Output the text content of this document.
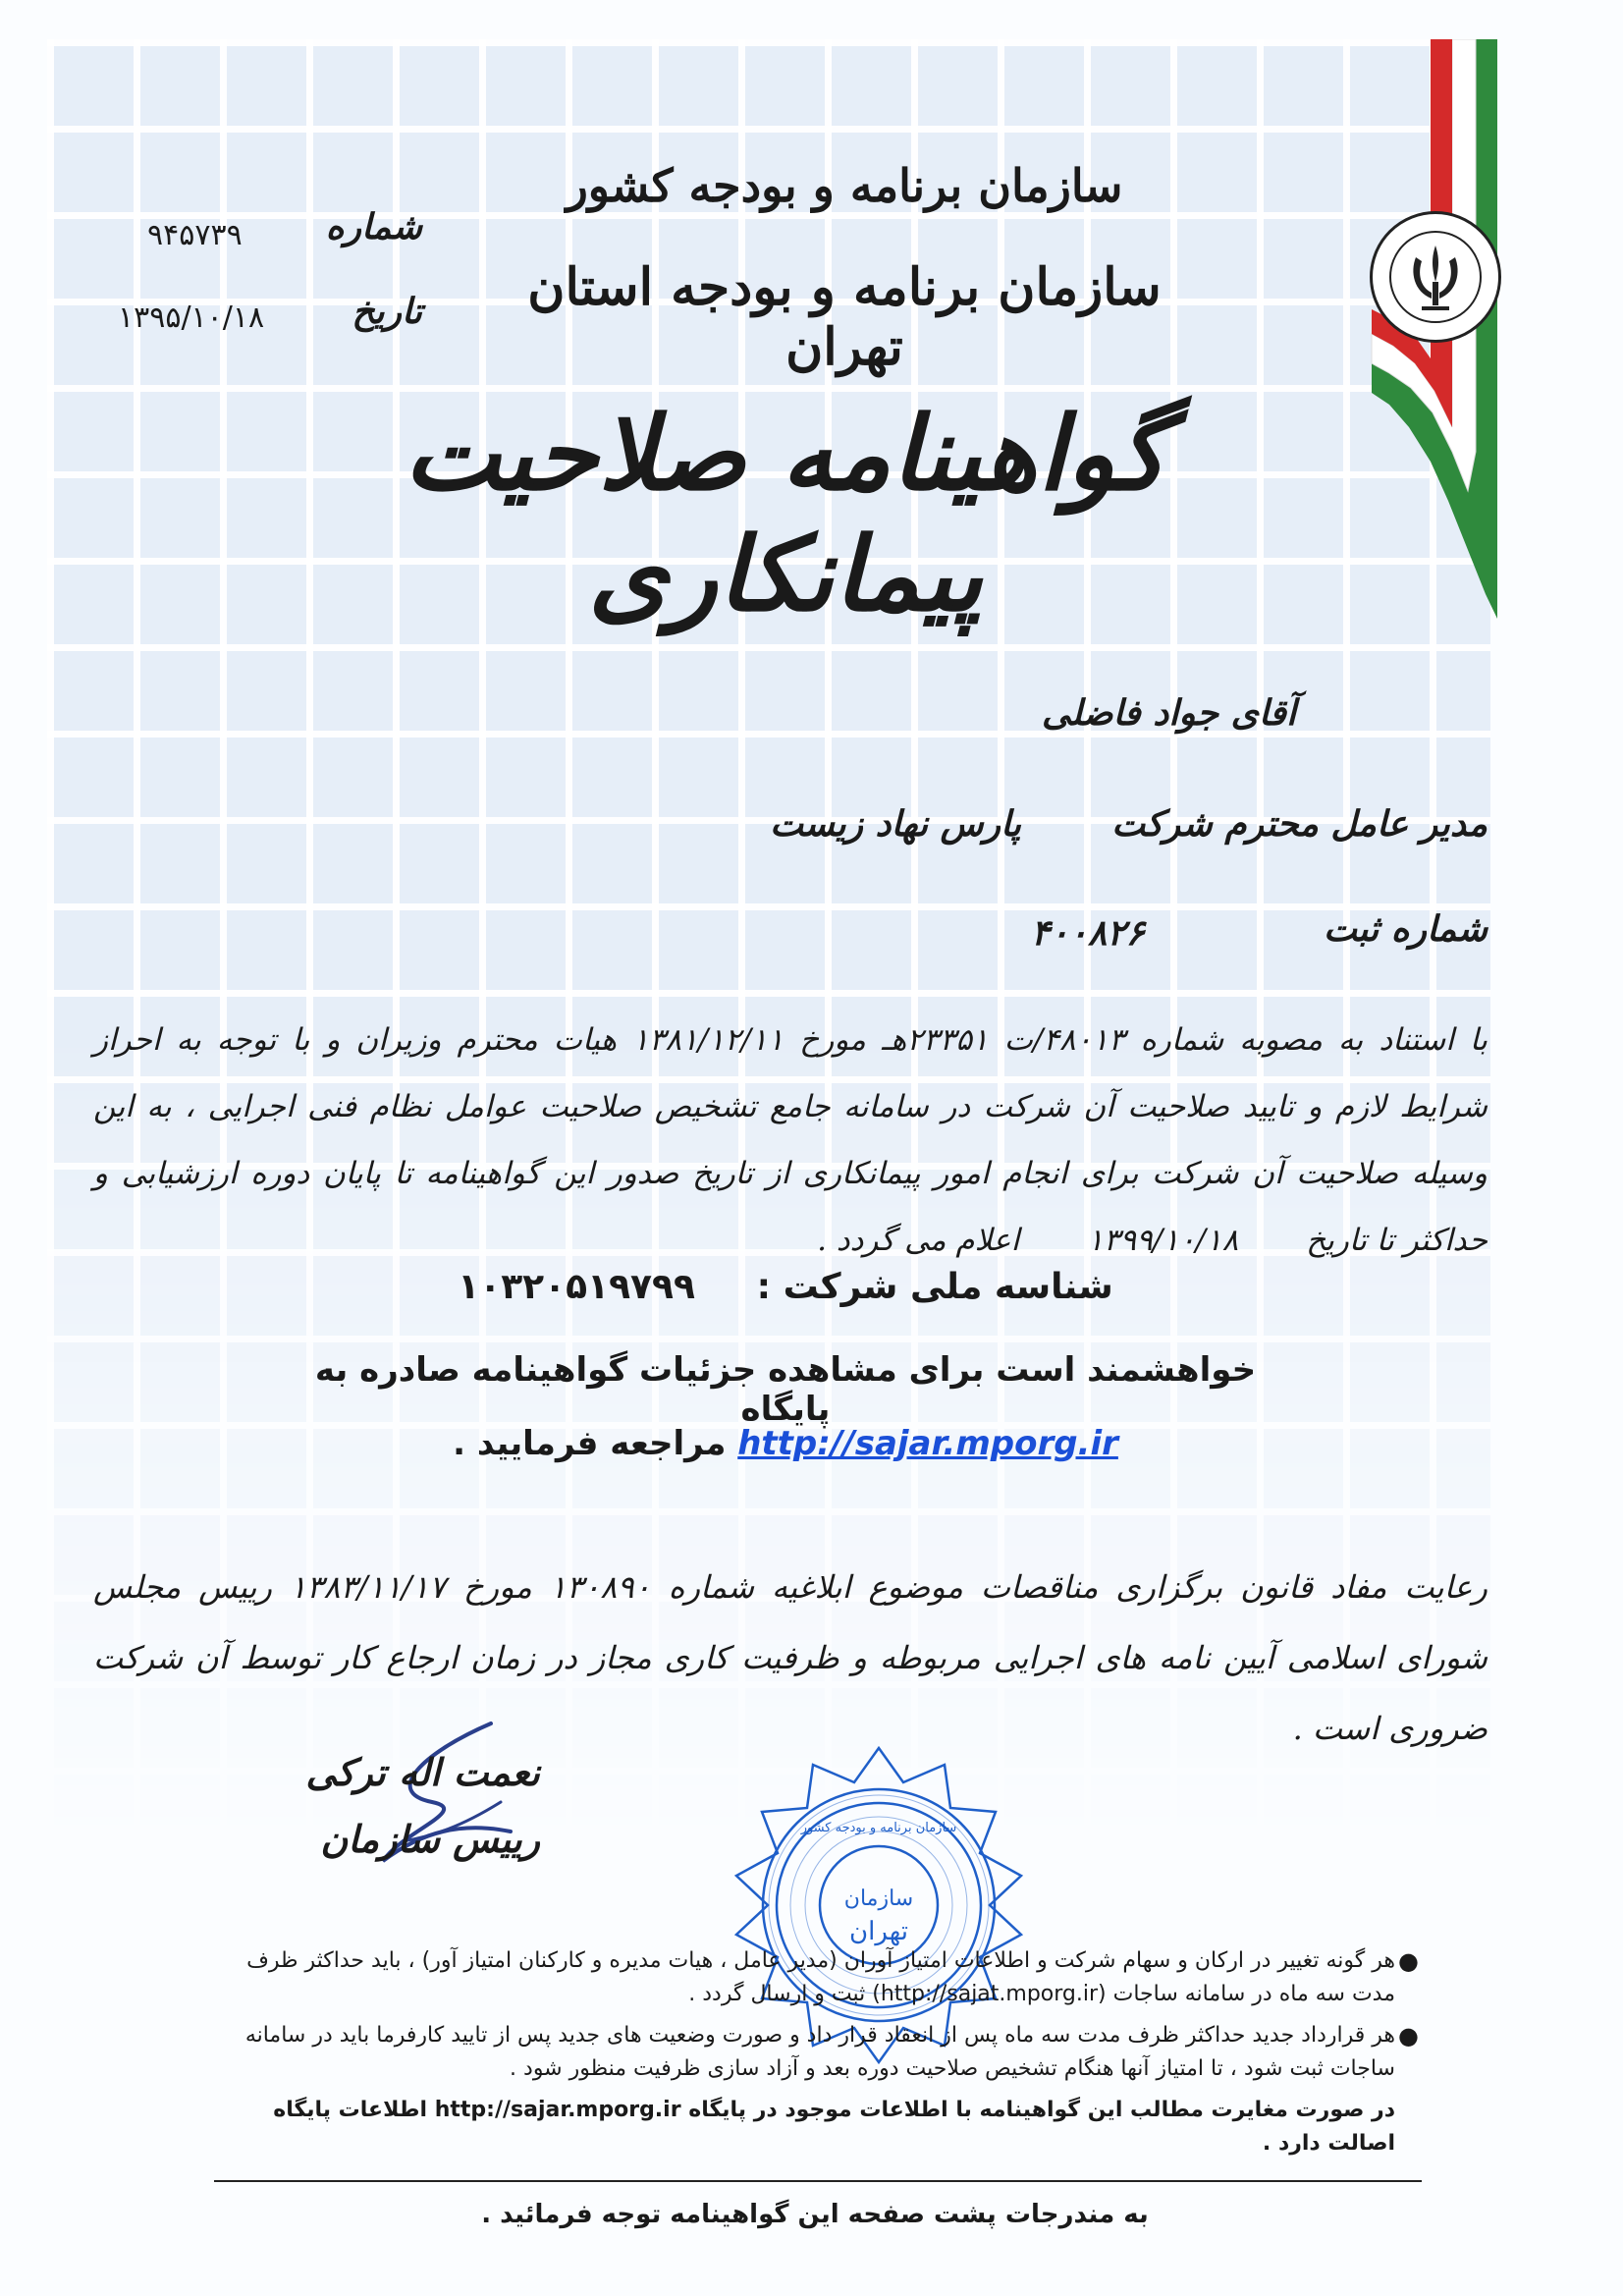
سازمان برنامه و بودجه کشور
سازمان برنامه و بودجه استان تهران
شماره
۹۴۵۷۳۹
تاریخ
۱۳۹۵/۱۰/۱۸
گواهینامه صلاحیت پیمانکاری
آقای جواد فاضلی
مدیر عامل محترم شرکت
پارس نهاد زیست
شماره ثبت
۴۰۰۸۲۶
با استناد به مصوبه شماره ۴۸۰۱۳/ت ۲۳۳۵۱هـ مورخ ۱۳۸۱/۱۲/۱۱ هیات محترم وزیران و با توجه به احراز شرایط لازم و تایید صلاحیت آن شرکت در سامانه جامع تشخیص صلاحیت عوامل نظام فنی اجرایی ، به این وسیله صلاحیت آن شرکت برای انجام امور پیمانکاری از تاریخ صدور این گواهینامه تا پایان دوره ارزشیابی و حداکثر تا تاریخ       ۱۳۹۹/۱۰/۱۸       اعلام می گردد .
شناسه ملی شرکت :     ۱۰۳۲۰۵۱۹۷۹۹
خواهشمند است برای مشاهده جزئیات گواهینامه صادره به پایگاه
http://sajar.mporg.ir مراجعه فرمایید .
رعایت مفاد قانون برگزاری مناقصات موضوع ابلاغیه شماره ۱۳۰۸۹۰ مورخ ۱۳۸۳/۱۱/۱۷ رییس مجلس شورای اسلامی آیین نامه های اجرایی مربوطه و ظرفیت کاری مجاز در زمان ارجاع کار توسط آن شرکت ضروری است .
نعمت اله ترکی
رییس سازمان	سازمان برنامه و بودجه کشور
سازمان
تهران
●
هر گونه تغییر در ارکان و سهام شرکت و اطلاعات امتیاز آوران (مدیر عامل ، هیات مدیره و کارکنان امتیاز آور) ، باید حداکثر ظرف مدت سه ماه در سامانه ساجات (http://sajat.mporg.ir) ثبت و ارسال گردد .
●
هر قرارداد جدید حداکثر ظرف مدت سه ماه پس از انعقاد قرار داد و صورت وضعیت های جدید پس از تایید کارفرما باید در سامانه ساجات ثبت شود ، تا امتیاز آنها هنگام تشخیص صلاحیت دوره بعد و آزاد سازی ظرفیت منظور شود .
در صورت مغایرت مطالب این گواهینامه با اطلاعات موجود در پایگاه http://sajar.mporg.ir اطلاعات پایگاه اصالت دارد .
به مندرجات پشت صفحه این گواهینامه توجه فرمائید .
